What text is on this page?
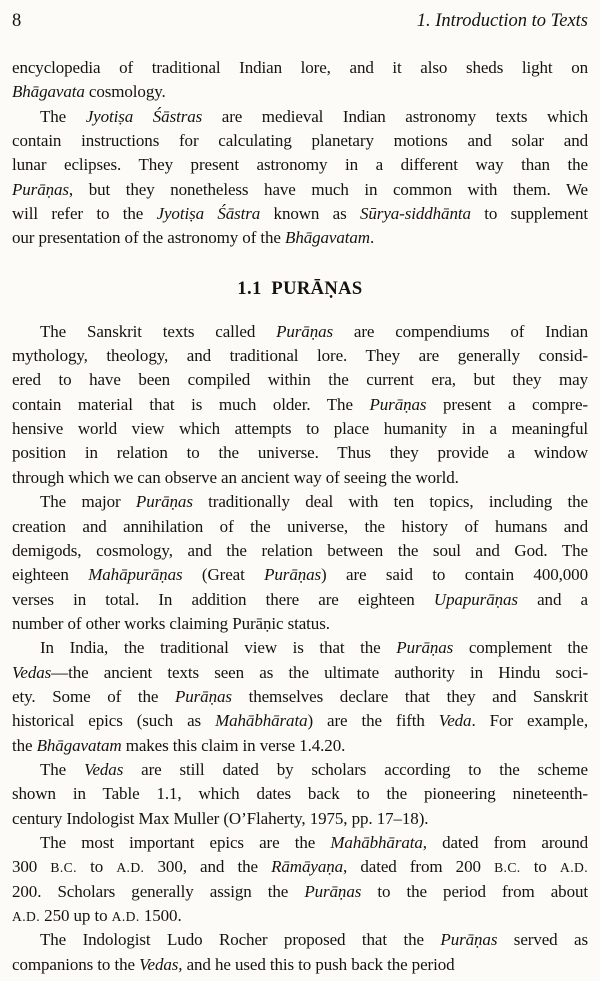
8	1. Introduction to Texts
encyclopedia of traditional Indian lore, and it also sheds light on
Bhāgavata cosmology.
The Jyotiṣa Śāstras are medieval Indian astronomy texts which
contain instructions for calculating planetary motions and solar and
lunar eclipses. They present astronomy in a different way than the
Purāṇas, but they nonetheless have much in common with them. We
will refer to the Jyotiṣa Śāstra known as Sūrya-siddhānta to supplement
our presentation of the astronomy of the Bhāgavatam.
1.1 PURĀṆAS
The Sanskrit texts called Purāṇas are compendiums of Indian
mythology, theology, and traditional lore. They are generally consid-
ered to have been compiled within the current era, but they may
contain material that is much older. The Purāṇas present a compre-
hensive world view which attempts to place humanity in a meaningful
position in relation to the universe. Thus they provide a window
through which we can observe an ancient way of seeing the world.
The major Purāṇas traditionally deal with ten topics, including the
creation and annihilation of the universe, the history of humans and
demigods, cosmology, and the relation between the soul and God. The
eighteen Mahāpurāṇas (Great Purāṇas) are said to contain 400,000
verses in total. In addition there are eighteen Upapurāṇas and a
number of other works claiming Purāṇic status.
In India, the traditional view is that the Purāṇas complement the
Vedas—the ancient texts seen as the ultimate authority in Hindu soci-
ety. Some of the Purāṇas themselves declare that they and Sanskrit
historical epics (such as Mahābhārata) are the fifth Veda. For example,
the Bhāgavatam makes this claim in verse 1.4.20.
The Vedas are still dated by scholars according to the scheme
shown in Table 1.1, which dates back to the pioneering nineteenth-
century Indologist Max Muller (O’Flaherty, 1975, pp. 17–18).
The most important epics are the Mahābhārata, dated from around
300 B.C. to A.D. 300, and the Rāmāyaṇa, dated from 200 B.C. to A.D.
200. Scholars generally assign the Purāṇas to the period from about
A.D. 250 up to A.D. 1500.
The Indologist Ludo Rocher proposed that the Purāṇas served as
companions to the Vedas, and he used this to push back the period
